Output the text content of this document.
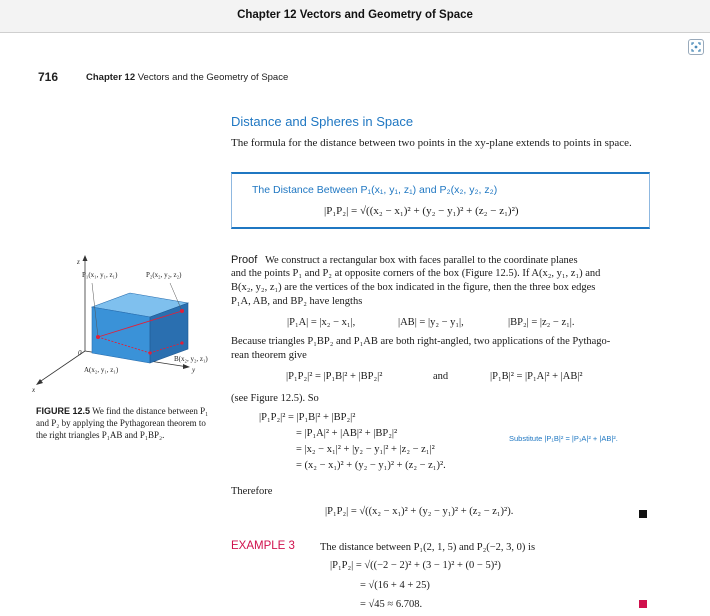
Chapter 12 Vectors and Geometry of Space
716	Chapter 12 Vectors and the Geometry of Space
Distance and Spheres in Space
The formula for the distance between two points in the xy-plane extends to points in space.
The Distance Between P₁(x₁, y₁, z₁) and P₂(x₂, y₂, z₂)
|P₁P₂| = √((x₂ − x₁)² + (y₂ − y₁)² + (z₂ − z₁)²)
P₁(x₁, y₁, z₁)	P₂(x₂, y₂, z₂)
B(x₂, y₂, z₁)
A(x₂, y₁, z₁)
0
z
y
x
FIGURE 12.5 We find the distance between P₁ and P₂ by applying the Pythagorean theorem to the right triangles P₁AB and P₁BP₂.
Proof We construct a rectangular box with faces parallel to the coordinate planes
and the points P₁ and P₂ at opposite corners of the box (Figure 12.5). If A(x₂, y₁, z₁) and
B(x₂, y₂, z₁) are the vertices of the box indicated in the figure, then the three box edges
P₁A, AB, and BP₂ have lengths
|P₁A| = |x₂ − x₁|,	|AB| = |y₂ − y₁|,	|BP₂| = |z₂ − z₁|.
Because triangles P₁BP₂ and P₁AB are both right-angled, two applications of the Pythago-
rean theorem give
|P₁P₂|² = |P₁B|² + |BP₂|²	and	|P₁B|² = |P₁A|² + |AB|²
(see Figure 12.5). So
|P₁P₂|² = |P₁B|² + |BP₂|²
= |P₁A|² + |AB|² + |BP₂|²
= |x₂ − x₁|² + |y₂ − y₁|² + |z₂ − z₁|²
= (x₂ − x₁)² + (y₂ − y₁)² + (z₂ − z₁)².
Substitute |P₁B|² = |P₁A|² + |AB|².
Therefore
|P₁P₂| = √((x₂ − x₁)² + (y₂ − y₁)² + (z₂ − z₁)²).
EXAMPLE 3 The distance between P₁(2, 1, 5) and P₂(−2, 3, 0) is
|P₁P₂| = √((−2 − 2)² + (3 − 1)² + (0 − 5)²)
= √(16 + 4 + 25)
= √45 ≈ 6.708.
